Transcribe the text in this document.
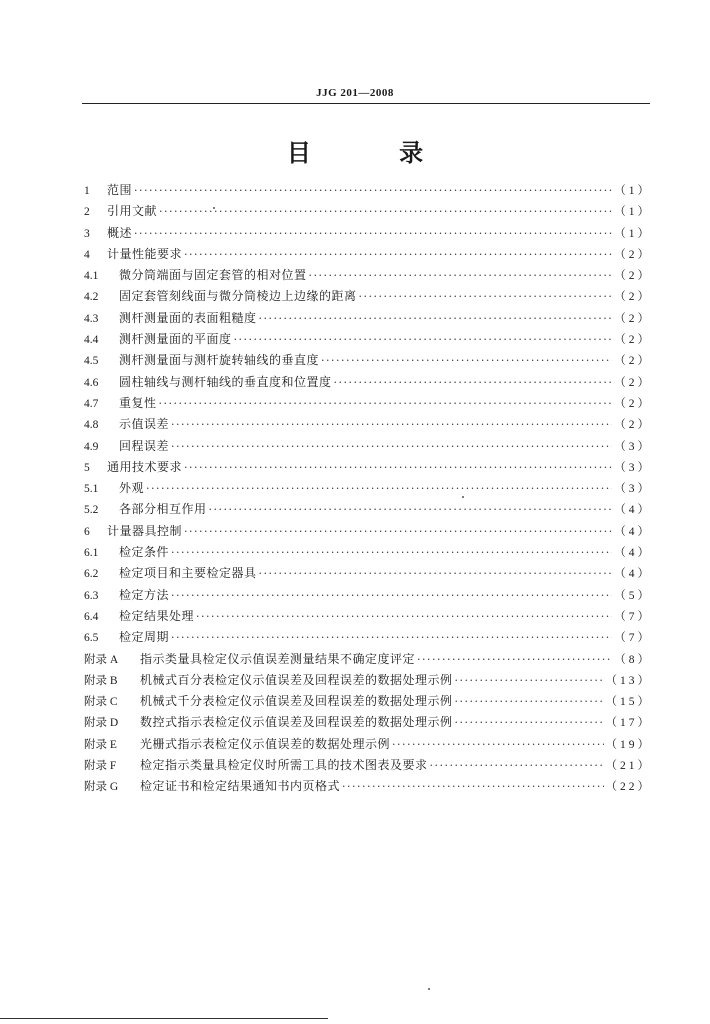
JJG 201—2008
目 录
1	范围 ·····	（1）
2	引用文献 ·····	（1）
3	概述 ·····	（1）
4	计量性能要求 ·····	（2）
4.1	微分筒端面与固定套管的相对位置 ·····	（2）
4.2	固定套管刻线面与微分筒棱边上边缘的距离 ·····	（2）
4.3	测杆测量面的表面粗糙度 ·····	（2）
4.4	测杆测量面的平面度 ·····	（2）
4.5	测杆测量面与测杆旋转轴线的垂直度 ·····	（2）
4.6	圆柱轴线与测杆轴线的垂直度和位置度 ·····	（2）
4.7	重复性 ·····	（2）
4.8	示值误差 ·····	（2）
4.9	回程误差 ·····	（3）
5	通用技术要求 ·····	（3）
5.1	外观 ·····	（3）
5.2	各部分相互作用 ·····	（4）
6	计量器具控制 ·····	（4）
6.1	检定条件 ·····	（4）
6.2	检定项目和主要检定器具 ·····	（4）
6.3	检定方法 ·····	（5）
6.4	检定结果处理 ·····	（7）
6.5	检定周期 ·····	（7）
附录 A	指示类量具检定仪示值误差测量结果不确定度评定 ·····	（8）
附录 B	机械式百分表检定仪示值误差及回程误差的数据处理示例 ·····	（13）
附录 C	机械式千分表检定仪示值误差及回程误差的数据处理示例 ·····	（15）
附录 D	数控式指示表检定仪示值误差及回程误差的数据处理示例 ·····	（17）
附录 E	光栅式指示表检定仪示值误差的数据处理示例 ·····	（19）
附录 F	检定指示类量具检定仪时所需工具的技术图表及要求 ·····	（21）
附录 G	检定证书和检定结果通知书内页格式 ·····	（22）
